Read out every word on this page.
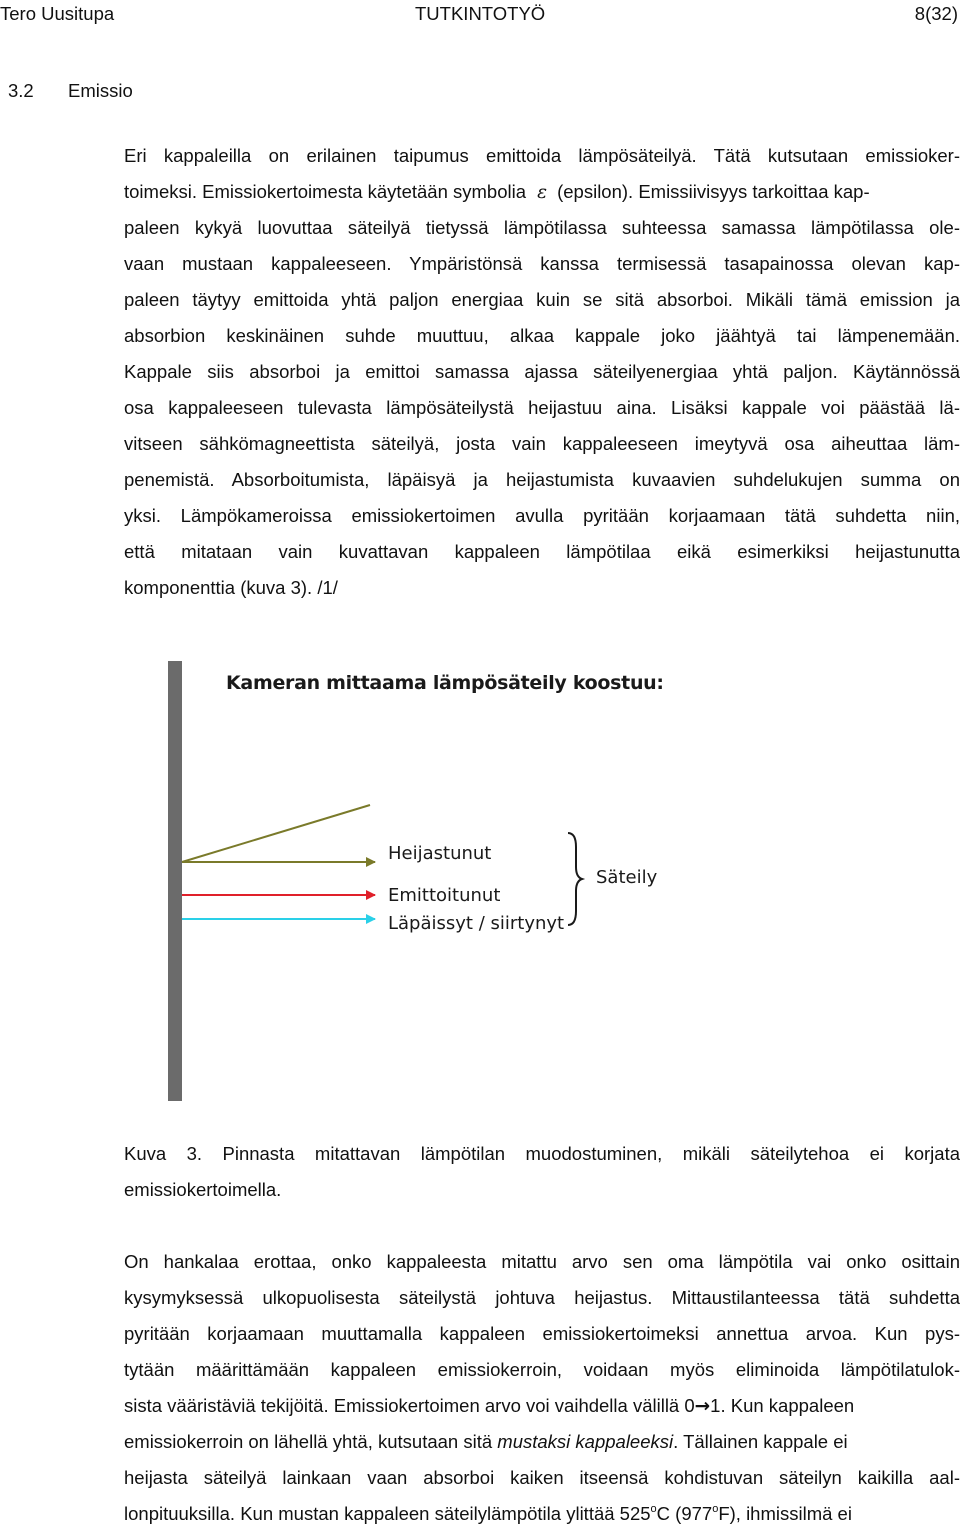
Tero Uusitupa	TUTKINTOTYÖ	8(32)
3.2 Emissio
Eri kappaleilla on erilainen taipumus emittoida lämpösäteilyä. Tätä kutsutaan emissioker-
toimeksi. Emissiokertoimesta käytetään symbolia ε (epsilon). Emissiivisyys tarkoittaa kap-
paleen kykyä luovuttaa säteilyä tietyssä lämpötilassa suhteessa samassa lämpötilassa ole-
vaan mustaan kappaleeseen. Ympäristönsä kanssa termisessä tasapainossa olevan kap-
paleen täytyy emittoida yhtä paljon energiaa kuin se sitä absorboi. Mikäli tämä emission ja
absorbion keskinäinen suhde muuttuu, alkaa kappale joko jäähtyä tai lämpenemään.
Kappale siis absorboi ja emittoi samassa ajassa säteilyenergiaa yhtä paljon. Käytännössä
osa kappaleeseen tulevasta lämpösäteilystä heijastuu aina. Lisäksi kappale voi päästää lä-
vitseen sähkömagneettista säteilyä, josta vain kappaleeseen imeytyvä osa aiheuttaa läm-
penemistä. Absorboitumista, läpäisyä ja heijastumista kuvaavien suhdelukujen summa on
yksi. Lämpökameroissa emissiokertoimen avulla pyritään korjaamaan tätä suhdetta niin,
että mitataan vain kuvattavan kappaleen lämpötilaa eikä esimerkiksi heijastunutta
komponenttia (kuva 3). /1/
Kameran mittaama lämpösäteily koostuu:
Heijastunut
Emittoitunut
Läpäissyt / siirtynyt
Säteily
Kuva 3. Pinnasta mitattavan lämpötilan muodostuminen, mikäli säteilytehoa ei korjata
emissiokertoimella.
On hankalaa erottaa, onko kappaleesta mitattu arvo sen oma lämpötila vai onko osittain
kysymyksessä ulkopuolisesta säteilystä johtuva heijastus. Mittaustilanteessa tätä suhdetta
pyritään korjaamaan muuttamalla kappaleen emissiokertoimeksi annettua arvoa. Kun pys-
tytään määrittämään kappaleen emissiokerroin, voidaan myös eliminoida lämpötilatulok-
sista vääristäviä tekijöitä. Emissiokertoimen arvo voi vaihdella välillä 0→1. Kun kappaleen
emissiokerroin on lähellä yhtä, kutsutaan sitä mustaksi kappaleeksi. Tällainen kappale ei
heijasta säteilyä lainkaan vaan absorboi kaiken itseensä kohdistuvan säteilyn kaikilla aal-
lonpituuksilla. Kun mustan kappaleen säteilylämpötila ylittää 525$^o$C (977$^o$F), ihmissilmä ei
